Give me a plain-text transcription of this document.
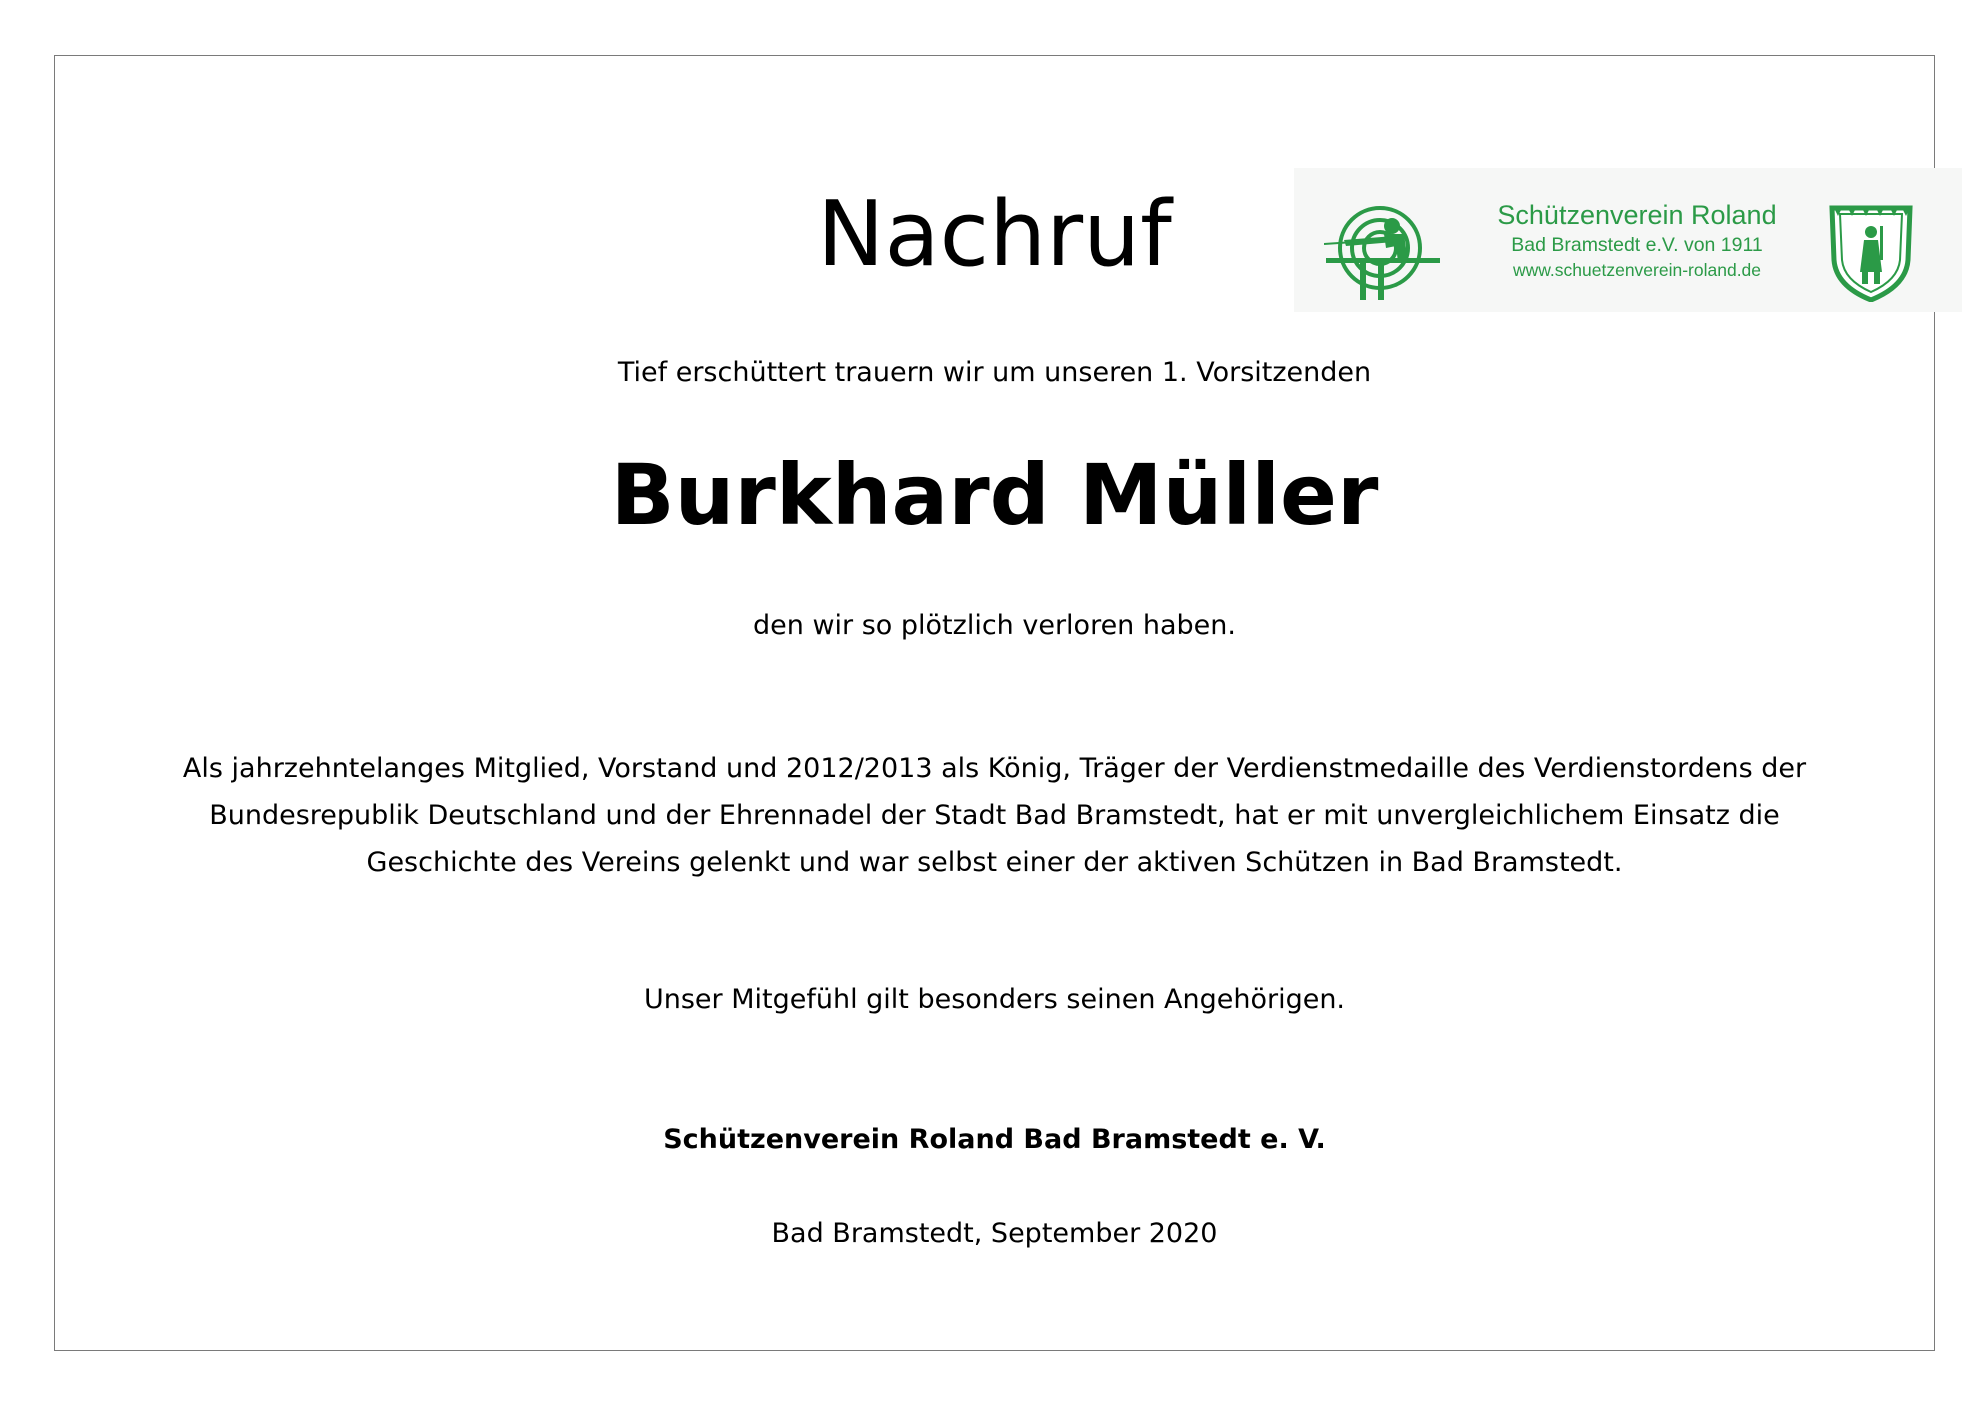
Schützenverein Roland
Bad Bramstedt e.V. von 1911
www.schuetzenverein-roland.de
Nachruf
Tief erschüttert trauern wir um unseren 1. Vorsitzenden
Burkhard Müller
den wir so plötzlich verloren haben.
Als jahrzehntelanges Mitglied, Vorstand und 2012/2013 als König, Träger der Verdienstmedaille des Verdienstordens der
Bundesrepublik Deutschland und der Ehrennadel der Stadt Bad Bramstedt, hat er mit unvergleichlichem Einsatz die
Geschichte des Vereins gelenkt und war selbst einer der aktiven Schützen in Bad Bramstedt.
Unser Mitgefühl gilt besonders seinen Angehörigen.
Schützenverein Roland Bad Bramstedt e. V.
Bad Bramstedt, September 2020
